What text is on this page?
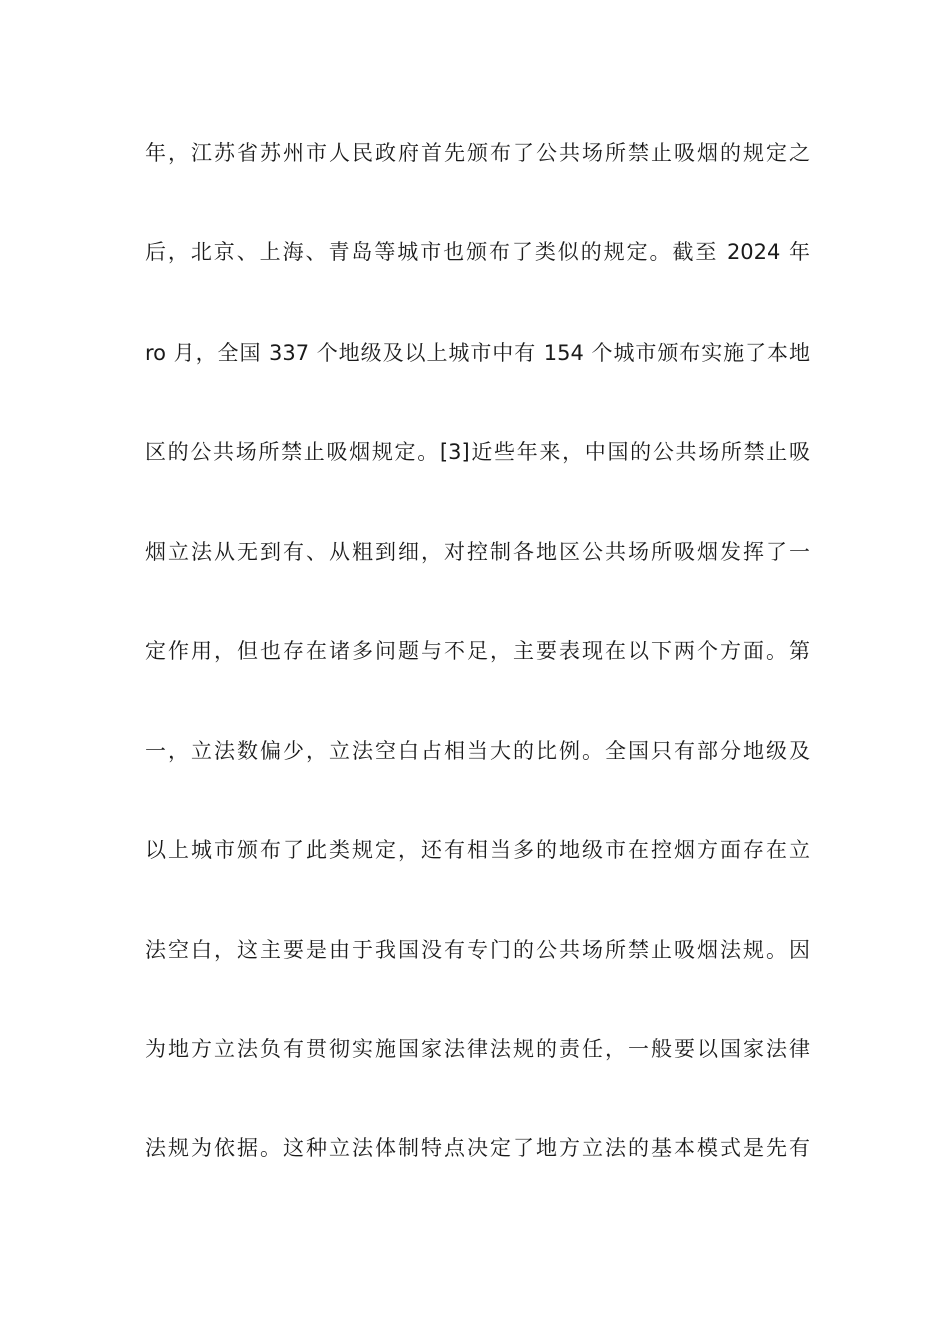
年，江苏省苏州市人民政府首先颁布了公共场所禁止吸烟的规定之
后，北京、上海、青岛等城市也颁布了类似的规定。截至 2024 年
ro 月，全国 337 个地级及以上城市中有 154 个城市颁布实施了本地
区的公共场所禁止吸烟规定。[3]近些年来，中国的公共场所禁止吸
烟立法从无到有、从粗到细，对控制各地区公共场所吸烟发挥了一
定作用，但也存在诸多问题与不足，主要表现在以下两个方面。第
一，立法数偏少，立法空白占相当大的比例。全国只有部分地级及
以上城市颁布了此类规定，还有相当多的地级市在控烟方面存在立
法空白，这主要是由于我国没有专门的公共场所禁止吸烟法规。因
为地方立法负有贯彻实施国家法律法规的责任，一般要以国家法律
法规为依据。这种立法体制特点决定了地方立法的基本模式是先有
